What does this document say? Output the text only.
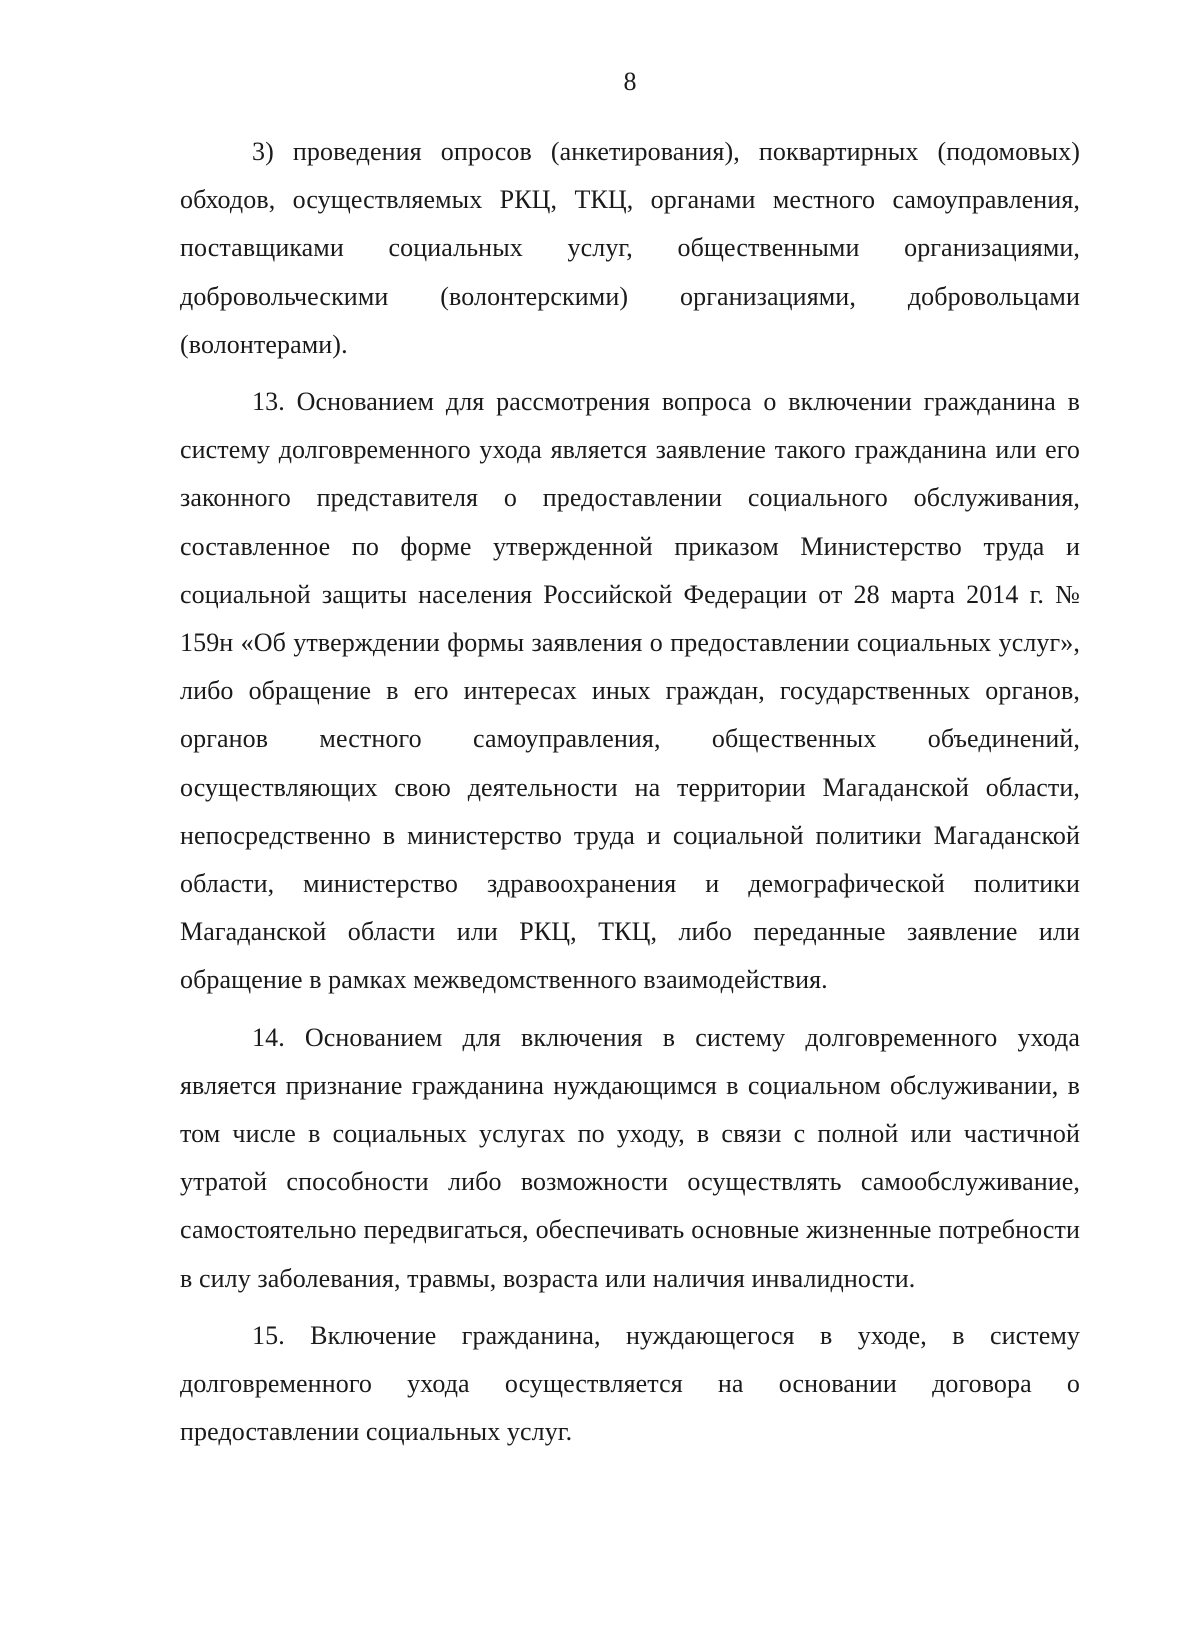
8

3) проведения опросов (анкетирования), поквартирных (подомовых) обходов, осуществляемых РКЦ, ТКЦ, органами местного самоуправления, поставщиками социальных услуг, общественными организациями, добровольческими (волонтерскими) организациями, добровольцами (волонтерами).

13. Основанием для рассмотрения вопроса о включении гражданина в систему долговременного ухода является заявление такого гражданина или его законного представителя о предоставлении социального обслуживания, составленное по форме утвержденной приказом Министерство труда и социальной защиты населения Российской Федерации от 28 марта 2014 г. № 159н «Об утверждении формы заявления о предоставлении социальных услуг», либо обращение в его интересах иных граждан, государственных органов, органов местного самоуправления, общественных объединений, осуществляющих свою деятельности на территории Магаданской области, непосредственно в министерство труда и социальной политики Магаданской области, министерство здравоохранения и демографической политики Магаданской области или РКЦ, ТКЦ, либо переданные заявление или обращение в рамках межведомственного взаимодействия.

14. Основанием для включения в систему долговременного ухода является признание гражданина нуждающимся в социальном обслуживании, в том числе в социальных услугах по уходу, в связи с полной или частичной утратой способности либо возможности осуществлять самообслуживание, самостоятельно передвигаться, обеспечивать основные жизненные потребности в силу заболевания, травмы, возраста или наличия инвалидности.

15. Включение гражданина, нуждающегося в уходе, в систему долговременного ухода осуществляется на основании договора о предоставлении социальных услуг.
